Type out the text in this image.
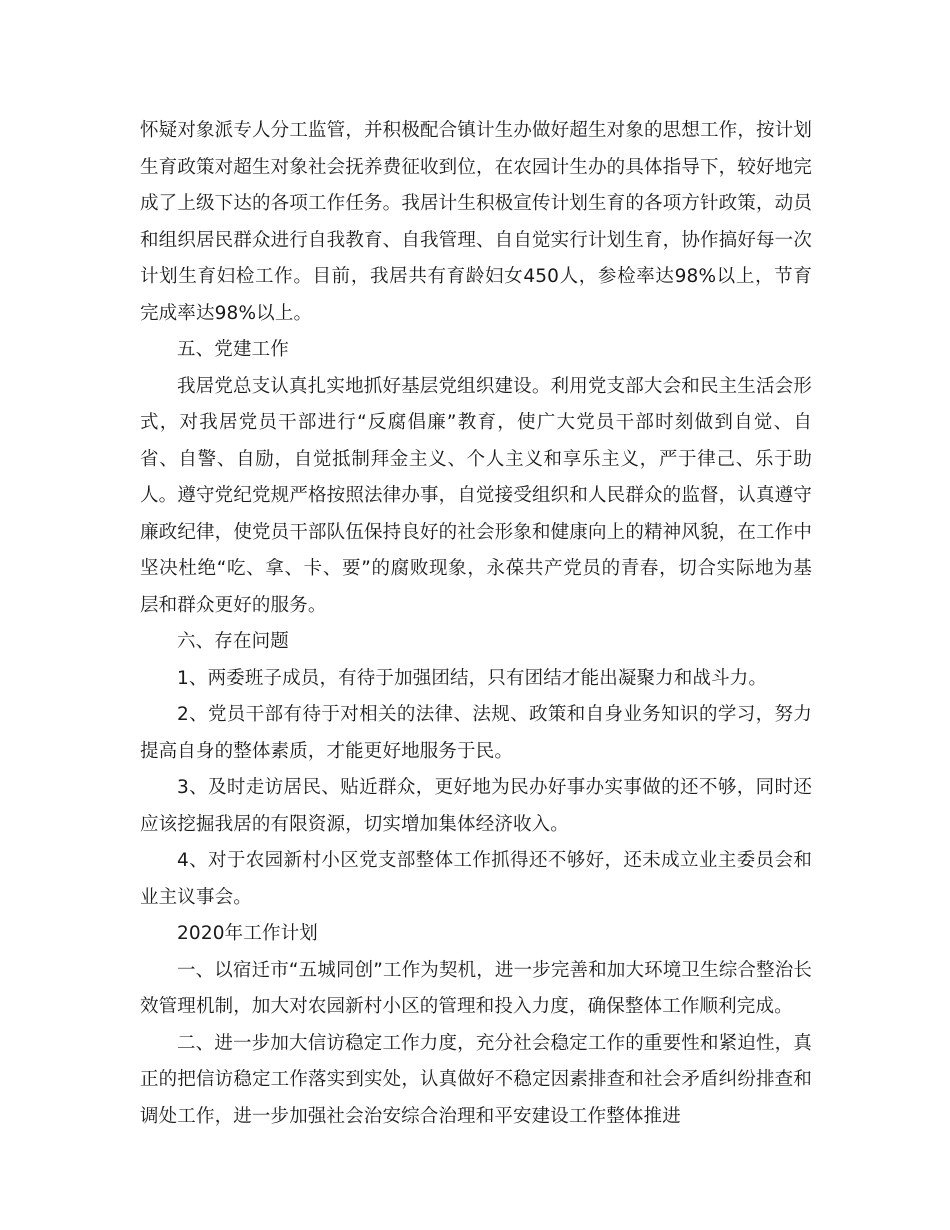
怀疑对象派专人分工监管，并积极配合镇计生办做好超生对象的思想工作，按计划生育政策对超生对象社会抚养费征收到位，在农园计生办的具体指导下，较好地完成了上级下达的各项工作任务。我居计生积极宣传计划生育的各项方针政策，动员和组织居民群众进行自我教育、自我管理、自自觉实行计划生育，协作搞好每一次计划生育妇检工作。目前，我居共有育龄妇女450人，参检率达98%以上，节育完成率达98%以上。

五、党建工作

我居党总支认真扎实地抓好基层党组织建设。利用党支部大会和民主生活会形式，对我居党员干部进行“反腐倡廉”教育，使广大党员干部时刻做到自觉、自省、自警、自励，自觉抵制拜金主义、个人主义和享乐主义，严于律己、乐于助人。遵守党纪党规严格按照法律办事，自觉接受组织和人民群众的监督，认真遵守廉政纪律，使党员干部队伍保持良好的社会形象和健康向上的精神风貌，在工作中坚决杜绝“吃、拿、卡、要”的腐败现象，永葆共产党员的青春，切合实际地为基层和群众更好的服务。

六、存在问题

1、两委班子成员，有待于加强团结，只有团结才能出凝聚力和战斗力。

2、党员干部有待于对相关的法律、法规、政策和自身业务知识的学习，努力提高自身的整体素质，才能更好地服务于民。

3、及时走访居民、贴近群众，更好地为民办好事办实事做的还不够，同时还应该挖掘我居的有限资源，切实增加集体经济收入。

4、对于农园新村小区党支部整体工作抓得还不够好，还未成立业主委员会和业主议事会。

2020年工作计划

一、以宿迁市“五城同创”工作为契机，进一步完善和加大环境卫生综合整治长效管理机制，加大对农园新村小区的管理和投入力度，确保整体工作顺利完成。

二、进一步加大信访稳定工作力度，充分社会稳定工作的重要性和紧迫性，真正的把信访稳定工作落实到实处，认真做好不稳定因素排查和社会矛盾纠纷排查和调处工作，进一步加强社会治安综合治理和平安建设工作整体推进
